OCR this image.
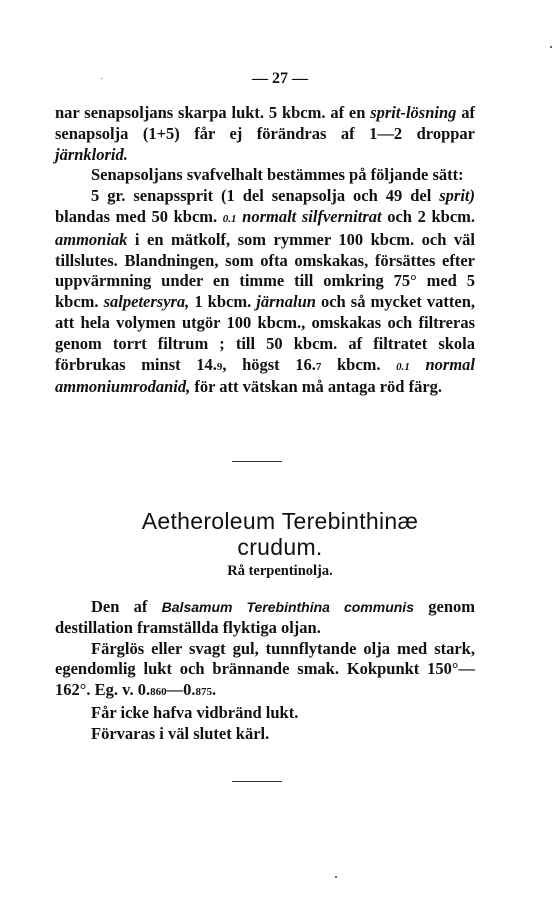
— 27 —

nar senapsoljans skarpa lukt. 5 kbcm. af en sprit-lösning af senapsolja (1+5) får ej förändras af 1—2 droppar järnklorid.

Senapsoljans svafvelhalt bestämmes på följande sätt:

5 gr. senapssprit (1 del senapsolja och 49 del sprit) blandas med 50 kbcm. 0.1 normalt silfvernitrat och 2 kbcm. ammoniak i en mätkolf, som rymmer 100 kbcm. och väl tillslutes. Blandningen, som ofta omskakas, försättes efter uppvärmning under en timme till omkring 75° med 5 kbcm. salpetersyra, 1 kbcm. järnalun och så mycket vatten, att hela volymen utgör 100 kbcm., omskakas och filtreras genom torrt filtrum ; till 50 kbcm. af filtratet skola förbrukas minst 14.9, högst 16.7 kbcm. 0.1 normal ammoniumrodanid, för att vätskan må antaga röd färg.

Aetheroleum Terebinthinæ
crudum.
Rå terpentinolja.

Den af Balsamum Terebinthina communis genom destillation framställda flyktiga oljan.

Färglös eller svagt gul, tunnflytande olja med stark, egendomlig lukt och brännande smak. Kokpunkt 150°—162°. Eg. v. 0.860—0.875.

Får icke hafva vidbränd lukt.

Förvaras i väl slutet kärl.
